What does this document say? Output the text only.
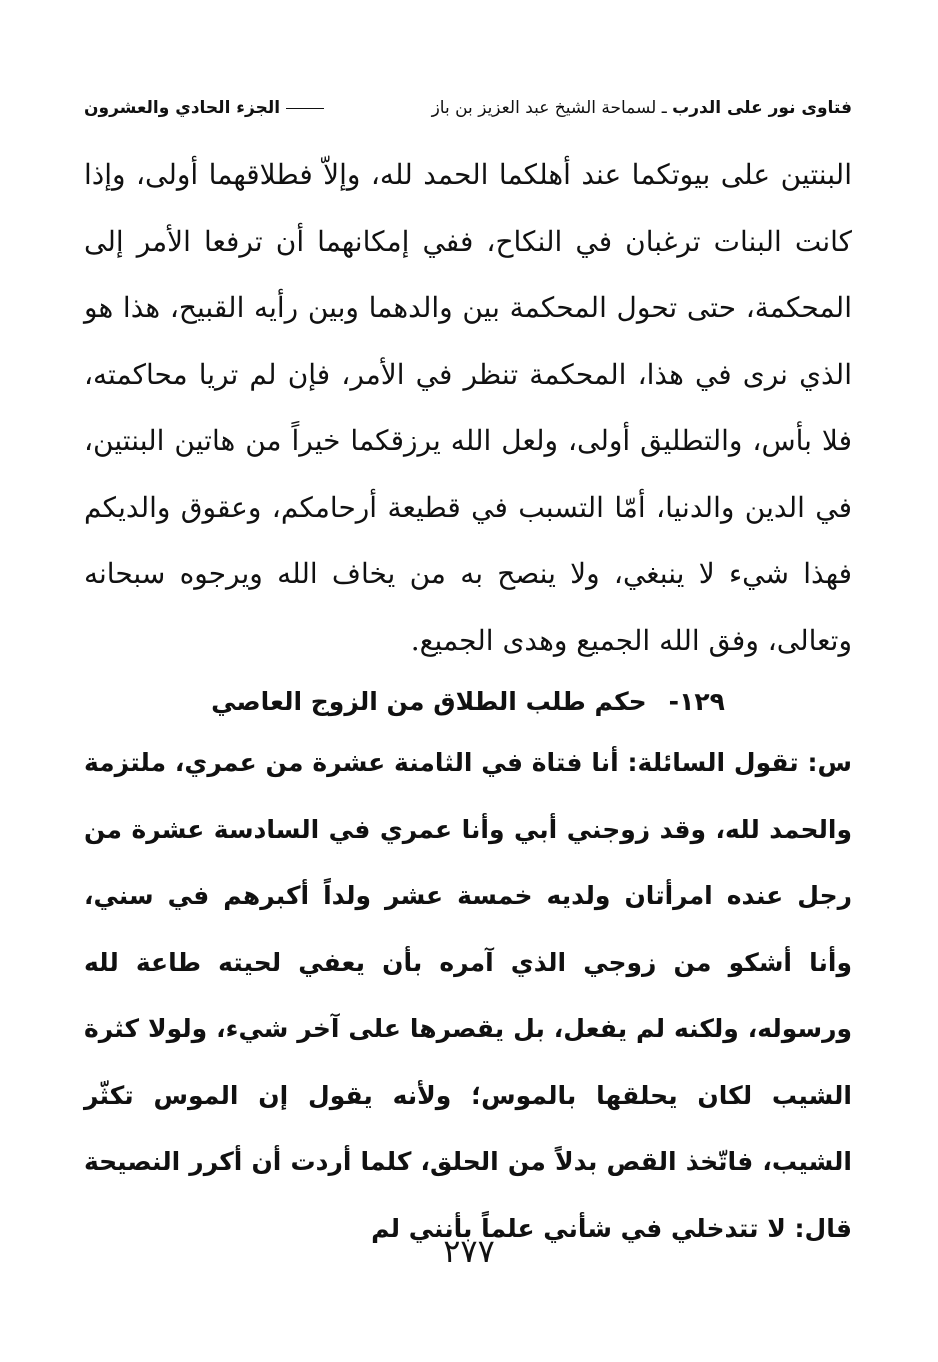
فتاوى نور على الدرب ـ لسماحة الشيخ عبد العزيز بن باز
الجزء الحادي والعشرون
البنتين على بيوتكما عند أهلكما الحمد لله، وإلاّ فطلاقهما أولى، وإذا كانت البنات ترغبان في النكاح، ففي إمكانهما أن ترفعا الأمر إلى المحكمة، حتى تحول المحكمة بين والدهما وبين رأيه القبيح، هذا هو الذي نرى في هذا، المحكمة تنظر في الأمر، فإن لم تريا محاكمته، فلا بأس، والتطليق أولى، ولعل الله يرزقكما خيراً من هاتين البنتين، في الدين والدنيا، أمّا التسبب في قطيعة أرحامكم، وعقوق والديكم فهذا شيء لا ينبغي، ولا ينصح به من يخاف الله ويرجوه سبحانه وتعالى، وفق الله الجميع وهدى الجميع.
١٢٩-
حكم طلب الطلاق من الزوج العاصي
س: تقول السائلة: أنا فتاة في الثامنة عشرة من عمري، ملتزمة والحمد لله، وقد زوجني أبي وأنا عمري في السادسة عشرة من رجل عنده امرأتان ولديه خمسة عشر ولداً أكبرهم في سني، وأنا أشكو من زوجي الذي آمره بأن يعفي لحيته طاعة لله ورسوله، ولكنه لم يفعل، بل يقصرها على آخر شيء، ولولا كثرة الشيب لكان يحلقها بالموس؛ ولأنه يقول إن الموس تكثّر الشيب، فاتّخذ القص بدلاً من الحلق، كلما أردت أن أكرر النصيحة قال: لا تتدخلي في شأني علماً بأنني لم
٢٧٧
